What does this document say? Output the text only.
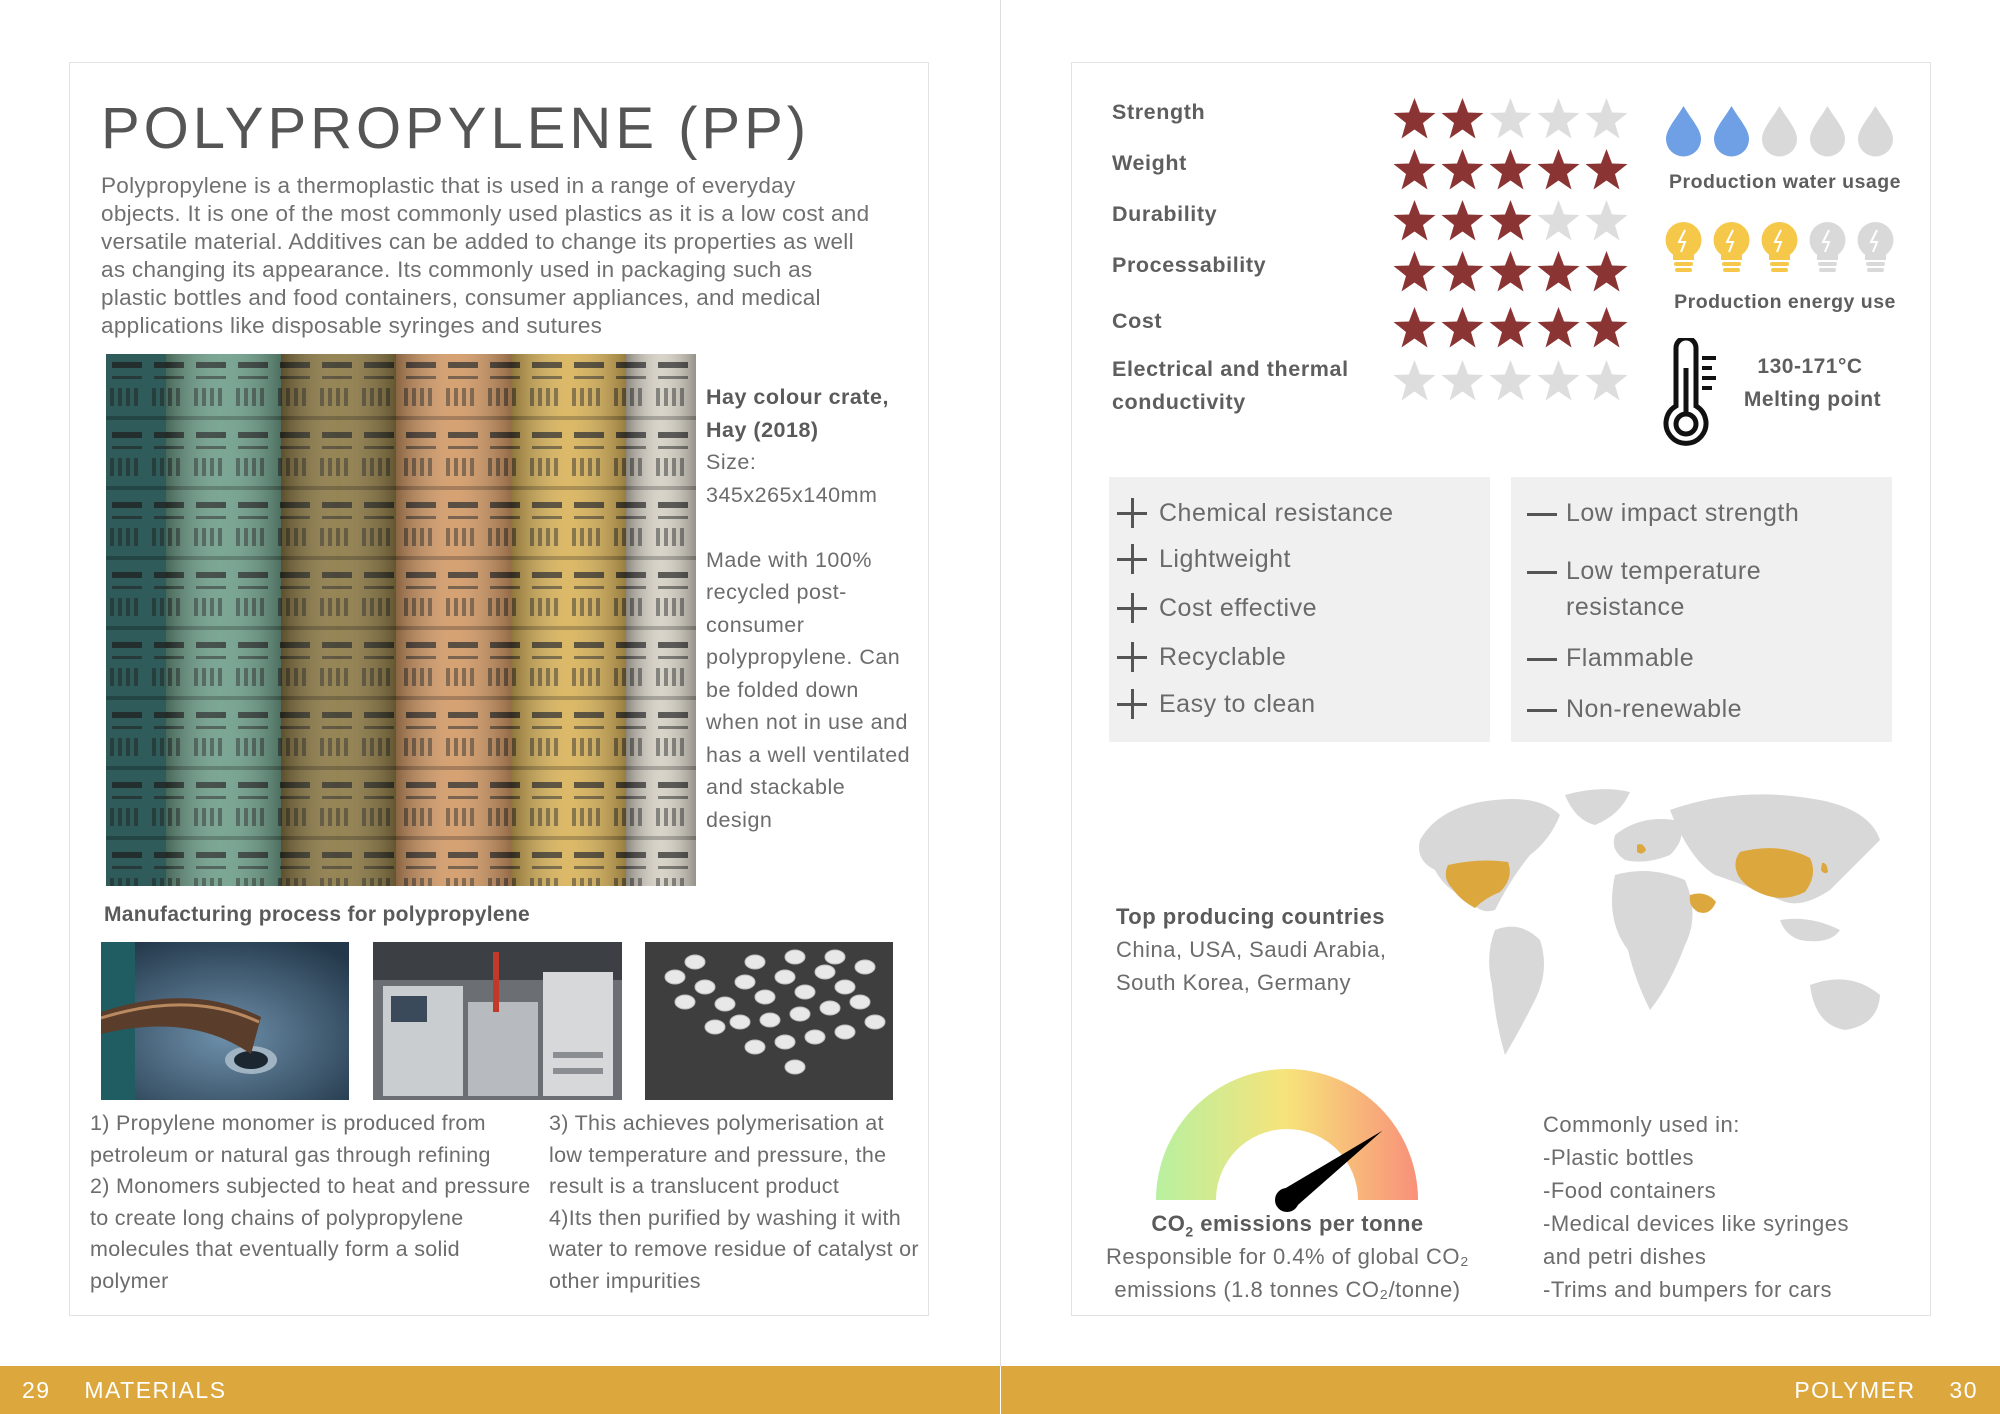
POLYPROPYLENE (PP)

Polypropylene is a thermoplastic that is used in a range of everyday objects. It is one of the most commonly used plastics as it is a low cost and versatile material. Additives can be added to change its properties as well as changing its appearance. Its commonly used in packaging such as plastic bottles and food containers, consumer appliances, and medical applications like disposable syringes and sutures

Hay colour crate,
Hay (2018)
Size:
345x265x140mm

Made with 100% recycled post-consumer polypropylene. Can be folded down when not in use and has a well ventilated and stackable design
Manufacturing process for polypropylene
1) Propylene monomer is produced from petroleum or natural gas through refining
2) Monomers subjected to heat and pressure to create long chains of polypropylene molecules that eventually form a solid polymer
3) This achieves polymerisation at low temperature and pressure, the result is a translucent product
4)Its then purified by washing it with water to remove residue of catalyst or other impurities
Strength
Weight
Durability
Processability
Cost
Electrical and thermal
conductivity
Production water usage
Production energy use
130-171°C
Melting point
Chemical resistance
Lightweight
Cost effective
Recyclable
Easy to clean
Low impact strength
Low temperature resistance
Flammable
Non-renewable
Top producing countries
China, USA, Saudi Arabia,
South Korea, Germany
$CO_2$ emissions per tonne
Responsible for 0.4% of global CO₂
emissions (1.8 tonnes CO₂/tonne)
Commonly used in:
-Plastic bottles
-Food containers
-Medical devices like syringes
and petri dishes
-Trims and bumpers for cars
29 MATERIALS	POLYMER 30
